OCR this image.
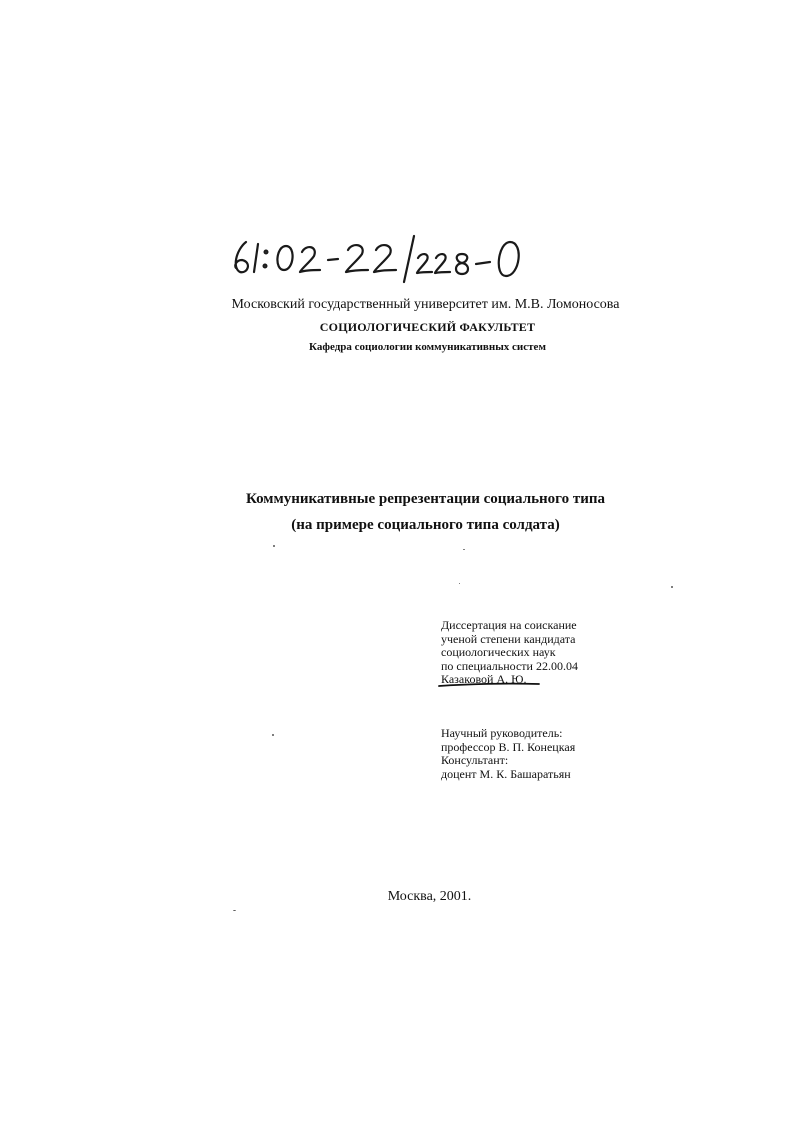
Московский государственный университет им. М.В. Ломоносова
СОЦИОЛОГИЧЕСКИЙ ФАКУЛЬТЕТ
Кафедра социологии коммуникативных систем
Коммуникативные репрезентации социального типа
(на примере социального типа солдата)
Диссертация на соискание
ученой степени кандидата
социологических наук
по специальности 22.00.04
Казаковой А. Ю.
Научный руководитель:
профессор В. П. Конецкая
Консультант:
доцент М. К. Башаратьян
Москва, 2001.
